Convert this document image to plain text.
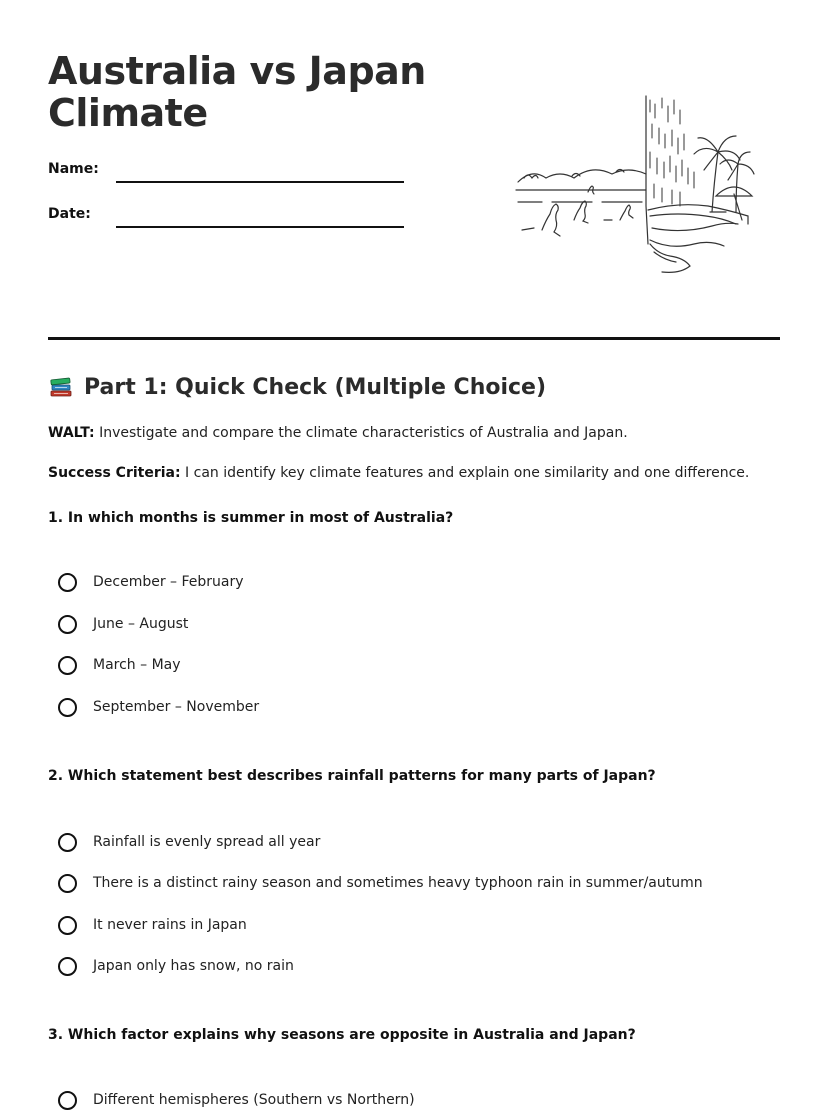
Australia vs Japan
Climate
Name:
Date:
Part 1: Quick Check (Multiple Choice)
WALT: Investigate and compare the climate characteristics of Australia and Japan.
Success Criteria: I can identify key climate features and explain one similarity and one difference.
1. In which months is summer in most of Australia?
December – February
June – August
March – May
September – November
2. Which statement best describes rainfall patterns for many parts of Japan?
Rainfall is evenly spread all year
There is a distinct rainy season and sometimes heavy typhoon rain in summer/autumn
It never rains in Japan
Japan only has snow, no rain
3. Which factor explains why seasons are opposite in Australia and Japan?
Different hemispheres (Southern vs Northern)
